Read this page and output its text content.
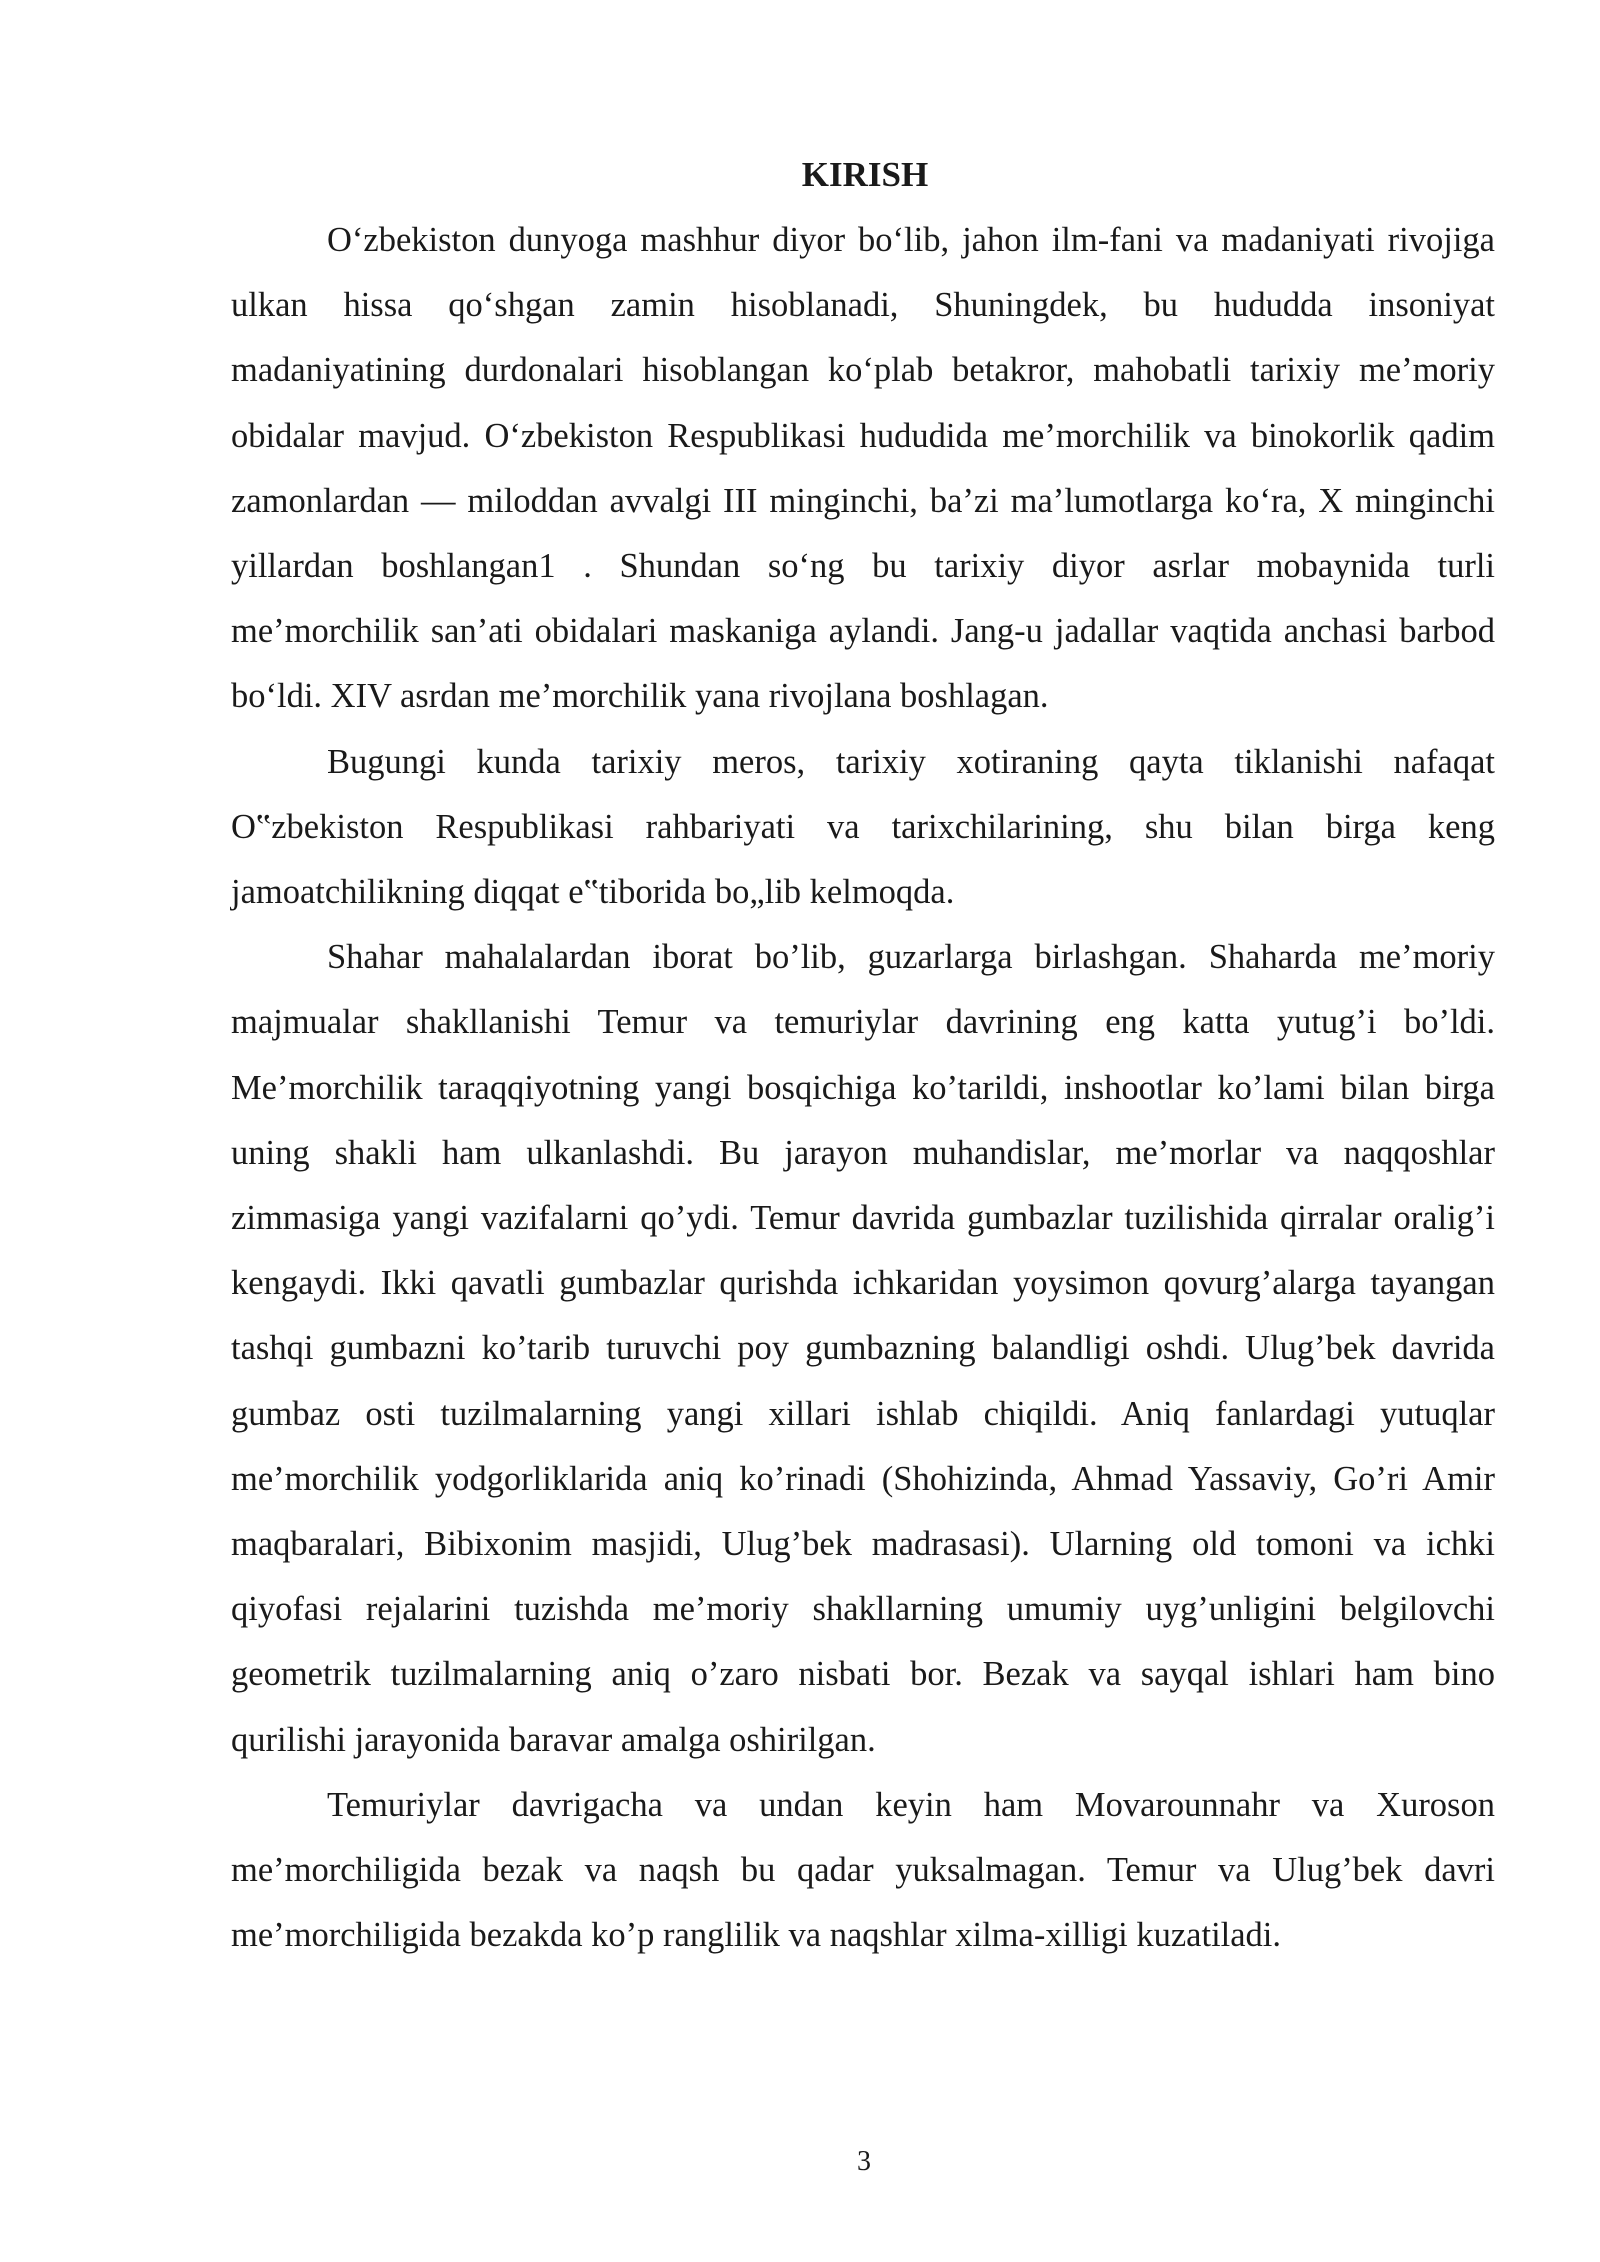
KIRISH

O‘zbekiston dunyoga mashhur diyor bo‘lib, jahon ilm-fani va madaniyati rivojiga ulkan hissa qo‘shgan zamin hisoblanadi, Shuningdek, bu hududda insoniyat madaniyatining durdonalari hisoblangan ko‘plab betakror, mahobatli tarixiy me’moriy obidalar mavjud. O‘zbekiston Respublikasi hududida me’morchilik va binokorlik qadim zamonlardan — miloddan avvalgi III minginchi, ba’zi ma’lumotlarga ko‘ra, X minginchi yillardan boshlangan1 . Shundan so‘ng bu tarixiy diyor asrlar mobaynida turli me’morchilik san’ati obidalari maskaniga aylandi. Jang-u jadallar vaqtida anchasi barbod bo‘ldi. XIV asrdan me’morchilik yana rivojlana boshlagan.

Bugungi kunda tarixiy meros, tarixiy xotiraning qayta tiklanishi nafaqat O‟zbekiston Respublikasi rahbariyati va tarixchilarining, shu bilan birga keng jamoatchilikning diqqat e‟tiborida bo„lib kelmoqda.

Shahar mahalalardan iborat bo’lib, guzarlarga birlashgan. Shaharda me’moriy majmualar shakllanishi Temur va temuriylar davrining eng katta yutug’i bo’ldi. Me’morchilik taraqqiyotning yangi bosqichiga ko’tarildi, inshootlar ko’lami bilan birga uning shakli ham ulkanlashdi. Bu jarayon muhandislar, me’morlar va naqqoshlar zimmasiga yangi vazifalarni qo’ydi. Temur davrida gumbazlar tuzilishida qirralar oralig’i kengaydi. Ikki qavatli gumbazlar qurishda ichkaridan yoysimon qovurg’alarga tayangan tashqi gumbazni ko’tarib turuvchi poy gumbazning balandligi oshdi. Ulug’bek davrida gumbaz osti tuzilmalarning yangi xillari ishlab chiqildi. Aniq fanlardagi yutuqlar me’morchilik yodgorliklarida aniq ko’rinadi (Shohizinda, Ahmad Yassaviy, Go’ri Amir maqbaralari, Bibixonim masjidi, Ulug’bek madrasasi). Ularning old tomoni va ichki qiyofasi rejalarini tuzishda me’moriy shakllarning umumiy uyg’unligini belgilovchi geometrik tuzilmalarning aniq o’zaro nisbati bor. Bezak va sayqal ishlari ham bino qurilishi jarayonida baravar amalga oshirilgan.

Temuriylar davrigacha va undan keyin ham Movarounnahr va Xuroson me’morchiligida bezak va naqsh bu qadar yuksalmagan. Temur va Ulug’bek davri me’morchiligida bezakda ko’p ranglilik va naqshlar xilma-xilligi kuzatiladi.

3
